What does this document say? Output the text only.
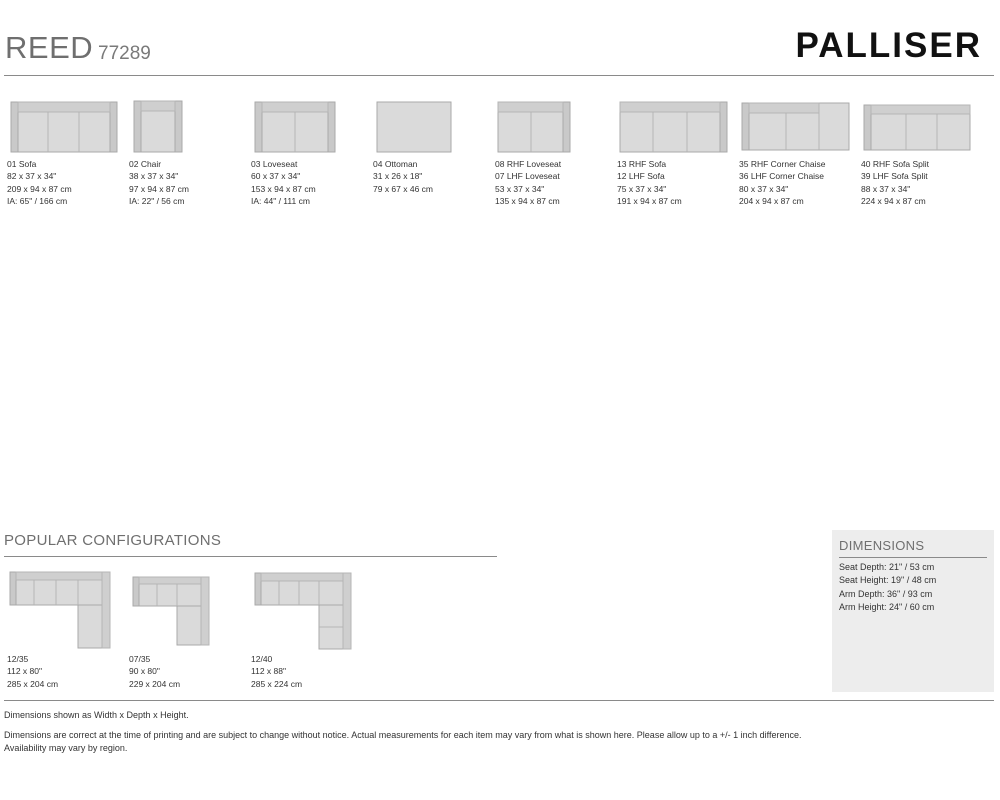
REED 77289	PALLISER
01 Sofa
82 x 37 x 34"
209 x 94 x 87 cm
IA: 65" / 166 cm
02 Chair
38 x 37 x 34"
97 x 94 x 87 cm
IA: 22" / 56 cm
03 Loveseat
60 x 37 x 34"
153 x 94 x 87 cm
IA: 44" / 111 cm
04 Ottoman
31 x 26 x 18"
79 x 67 x 46 cm
08 RHF Loveseat
07 LHF Loveseat
53 x 37 x 34"
135 x 94 x 87 cm
13 RHF Sofa
12 LHF Sofa
75 x 37 x 34"
191 x 94 x 87 cm
35 RHF Corner Chaise
36 LHF Corner Chaise
80 x 37 x 34"
204 x 94 x 87 cm
40 RHF Sofa Split
39 LHF Sofa Split
88 x 37 x 34"
224 x 94 x 87 cm
POPULAR CONFIGURATIONS
12/35
112 x 80"
285 x 204 cm
07/35
90 x 80"
229 x 204 cm
12/40
112 x 88"
285 x 224 cm
DIMENSIONS
Seat Depth: 21" / 53 cm
Seat Height: 19" / 48 cm
Arm Depth: 36" / 93 cm
Arm Height: 24" / 60 cm
Dimensions shown as Width x Depth x Height.
Dimensions are correct at the time of printing and are subject to change without notice. Actual measurements for each item may vary from what is shown here. Please allow up to a +/- 1 inch difference.
Availability may vary by region.
